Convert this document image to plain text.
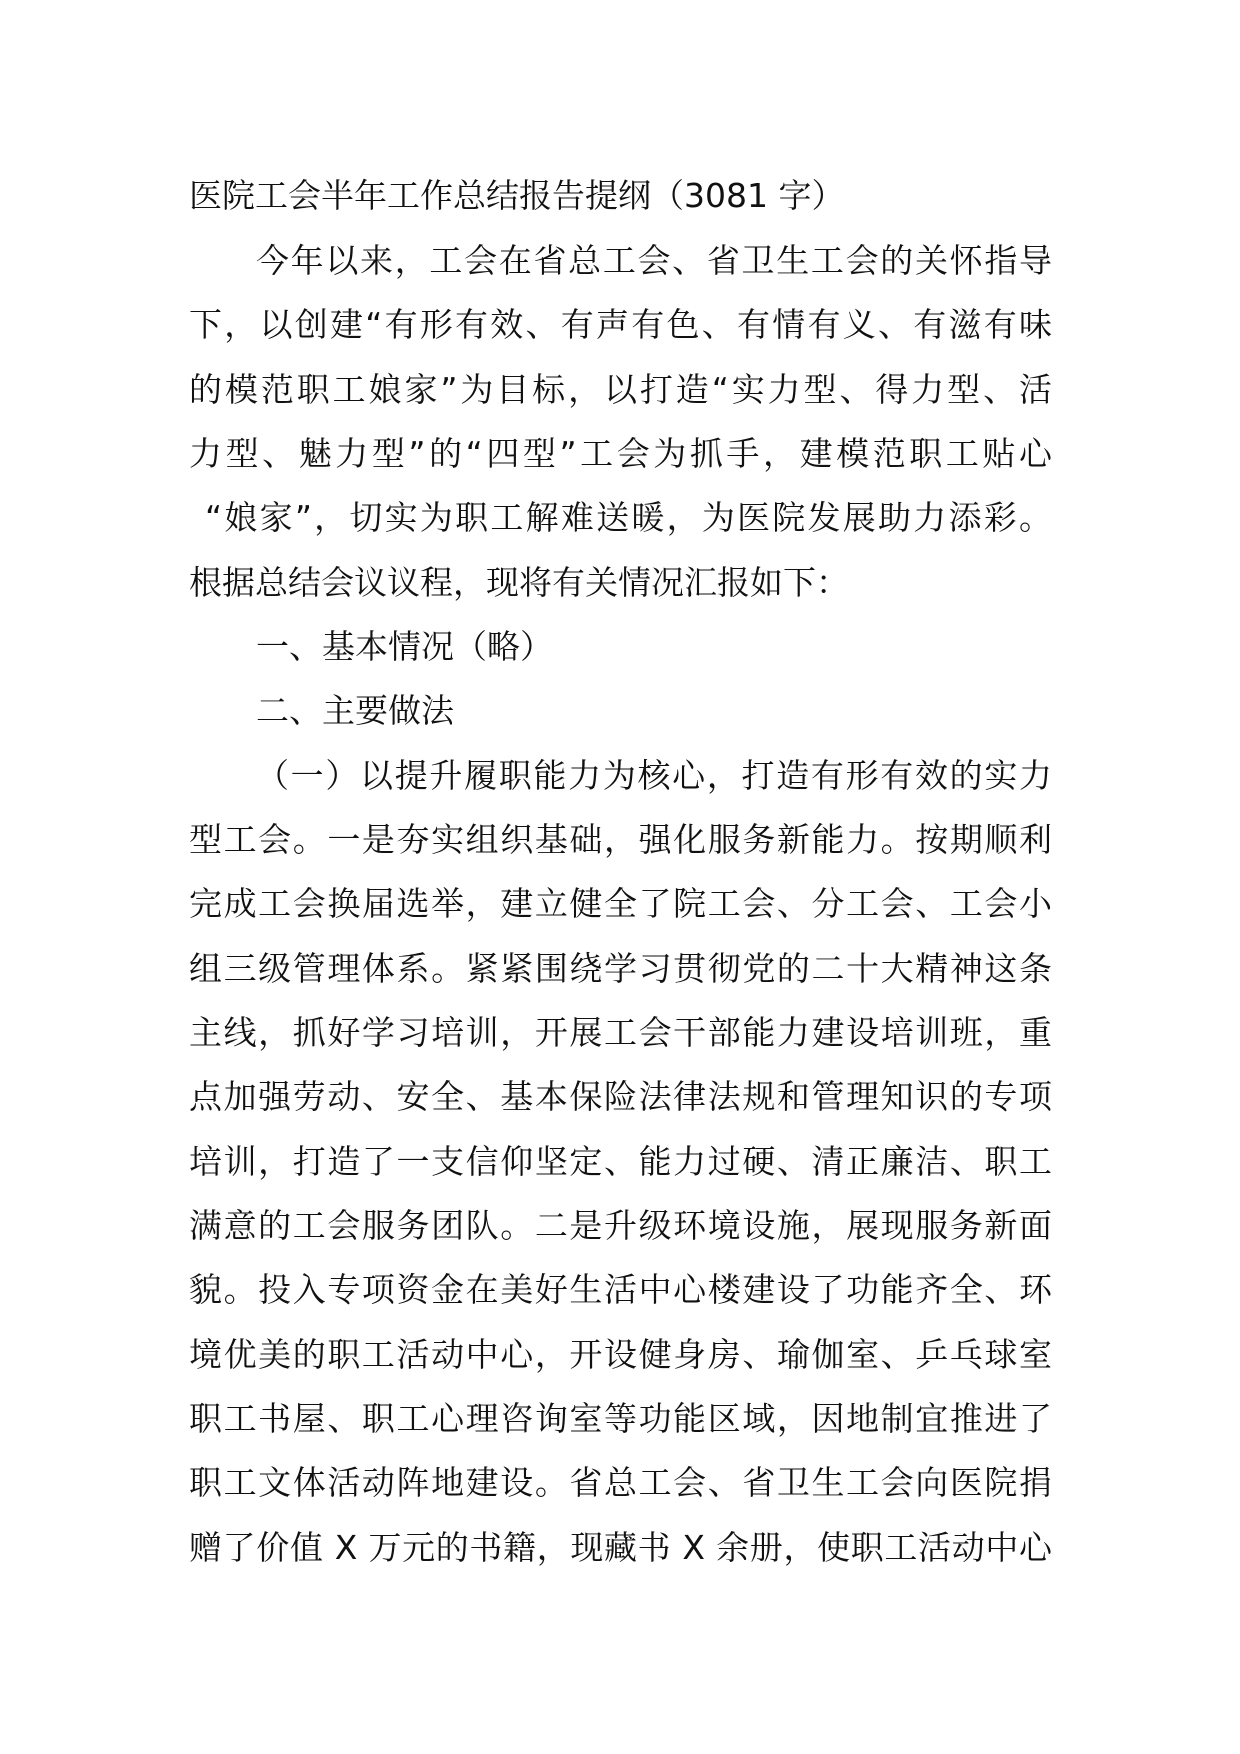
医院工会半年工作总结报告提纲（3081 字）
今年以来，工会在省总工会、省卫生工会的关怀指导
下，以创建“有形有效、有声有色、有情有义、有滋有味
的模范职工娘家”为目标，以打造“实力型、得力型、活
力型、魅力型”的“四型”工会为抓手，建模范职工贴心
“娘家”，切实为职工解难送暖，为医院发展助力添彩。
根据总结会议议程，现将有关情况汇报如下：
一、基本情况（略）
二、主要做法
（一）以提升履职能力为核心，打造有形有效的实力
型工会。一是夯实组织基础，强化服务新能力。按期顺利
完成工会换届选举，建立健全了院工会、分工会、工会小
组三级管理体系。紧紧围绕学习贯彻党的二十大精神这条
主线，抓好学习培训，开展工会干部能力建设培训班，重
点加强劳动、安全、基本保险法律法规和管理知识的专项
培训，打造了一支信仰坚定、能力过硬、清正廉洁、职工
满意的工会服务团队。二是升级环境设施，展现服务新面
貌。投入专项资金在美好生活中心楼建设了功能齐全、环
境优美的职工活动中心，开设健身房、瑜伽室、乒乓球室
职工书屋、职工心理咨询室等功能区域，因地制宜推进了
职工文体活动阵地建设。省总工会、省卫生工会向医院捐
赠了价值 X 万元的书籍，现藏书 X 余册，使职工活动中心
